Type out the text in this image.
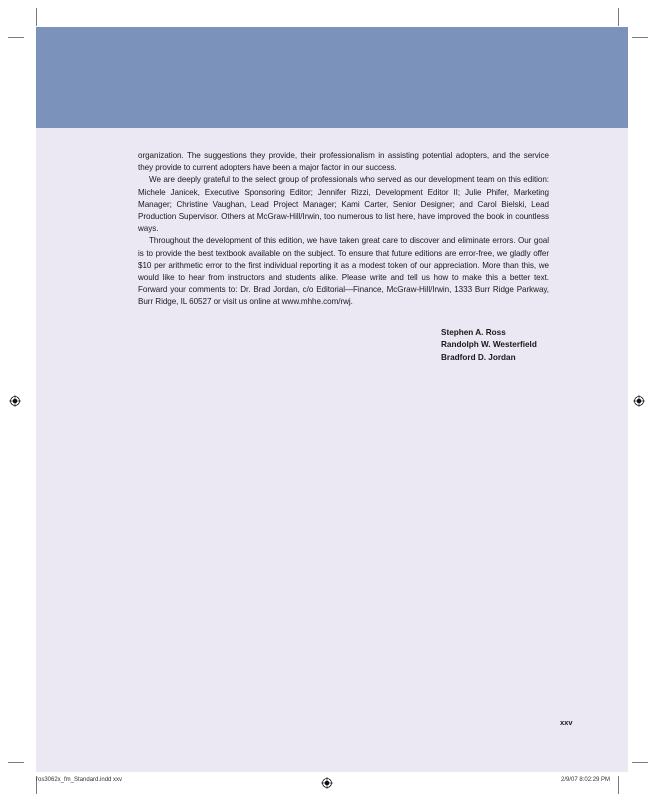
organization. The suggestions they provide, their professionalism in assisting potential adopters, and the service they provide to current adopters have been a major factor in our success.

We are deeply grateful to the select group of professionals who served as our development team on this edition: Michele Janicek, Executive Sponsoring Editor; Jennifer Rizzi, Development Editor II; Julie Phifer, Marketing Manager; Christine Vaughan, Lead Project Manager; Kami Carter, Senior Designer; and Carol Bielski, Lead Production Supervisor. Others at McGraw-Hill/Irwin, too numerous to list here, have improved the book in countless ways.

Throughout the development of this edition, we have taken great care to discover and eliminate errors. Our goal is to provide the best textbook available on the subject. To ensure that future editions are error-free, we gladly offer $10 per arithmetic error to the first individual reporting it as a modest token of our appreciation. More than this, we would like to hear from instructors and students alike. Please write and tell us how to make this a better text. Forward your comments to: Dr. Brad Jordan, c/o Editorial—Finance, McGraw-Hill/Irwin, 1333 Burr Ridge Parkway, Burr Ridge, IL 60527 or visit us online at www.mhhe.com/rwj.

Stephen A. Ross
Randolph W. Westerfield
Bradford D. Jordan
xxv
ros3062x_fm_Standard.indd xxv	2/9/07 8:02:29 PM
